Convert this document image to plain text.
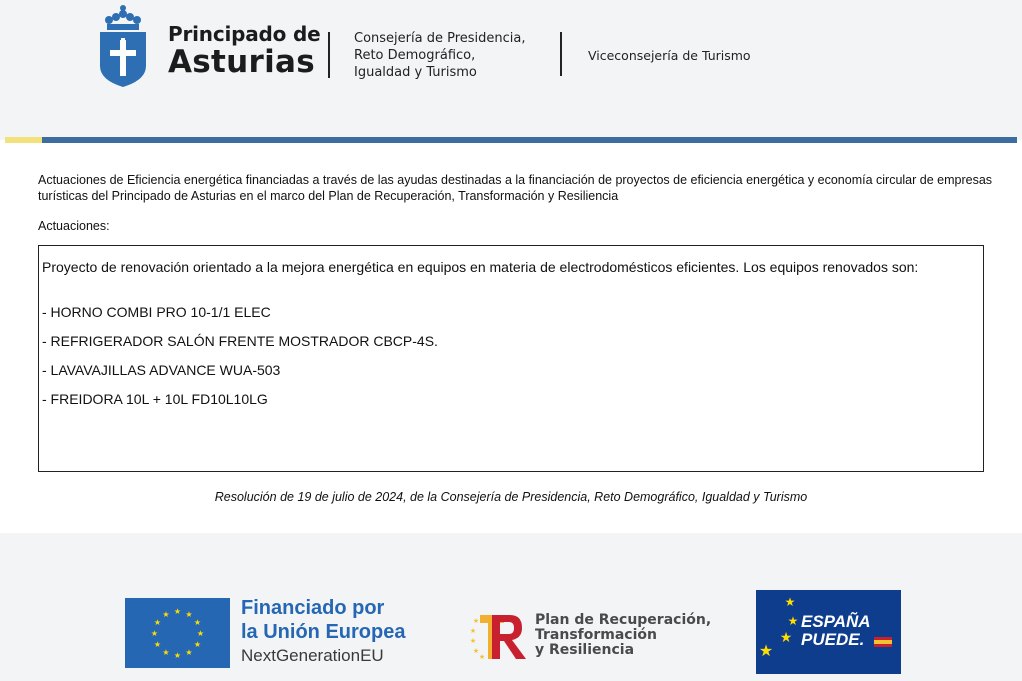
Principado de
Asturias
Consejería de Presidencia,
Reto Demográfico,
Igualdad y Turismo
Viceconsejería de Turismo
Actuaciones de Eficiencia energética financiadas a través de las ayudas destinadas a la financiación de proyectos de eficiencia energética y economía circular de empresas turísticas del Principado de Asturias en el marco del Plan de Recuperación, Transformación y Resiliencia
Actuaciones:
Proyecto de renovación orientado a la mejora energética en equipos en materia de electrodomésticos eficientes. Los equipos renovados son:
- HORNO COMBI PRO 10-1/1 ELEC
- REFRIGERADOR SALÓN FRENTE MOSTRADOR CBCP-4S.
- LAVAVAJILLAS ADVANCE WUA-503
- FREIDORA 10L + 10L FD10L10LG
Resolución de 19 de julio de 2024, de la Consejería de Presidencia, Reto Demográfico, Igualdad y Turismo
★ ★
★
★
★
★
★
★
★
★
★
★	Financiado por
la Unión Europea
NextGenerationEU
★
★
★
★
★
Plan de Recuperación,
Transformación
y Resiliencia
★
★
★
★
ESPAÑA
PUEDE.
